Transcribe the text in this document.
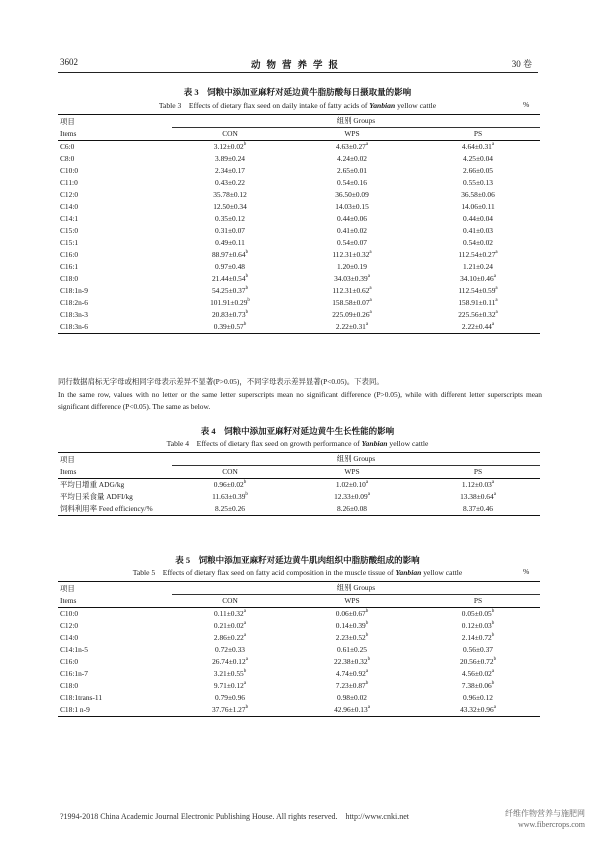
3602	动物营养学报	30 卷
表 3　饲粮中添加亚麻籽对延边黄牛脂肪酸每日摄取量的影响
Table 3　Effects of dietary flax seed on daily intake of fatty acids of Yanbian yellow cattle	%
项目	组别 Groups		
Items	CON	WPS	PS
C6:0	3.12±0.02$^b$	4.63±0.27$^a$	4.64±0.31$^a$
C8:0	3.89±0.24	4.24±0.02	4.25±0.04
C10:0	2.34±0.17	2.65±0.01	2.66±0.05
C11:0	0.43±0.22	0.54±0.16	0.55±0.13
C12:0	35.78±0.12	36.50±0.09	36.58±0.06
C14:0	12.50±0.34	14.03±0.15	14.06±0.11
C14:1	0.35±0.12	0.44±0.06	0.44±0.04
C15:0	0.31±0.07	0.41±0.02	0.41±0.03
C15:1	0.49±0.11	0.54±0.07	0.54±0.02
C16:0	88.97±0.64$^b$	112.31±0.32$^a$	112.54±0.27$^a$
C16:1	0.97±0.48	1.20±0.19	1.21±0.24
C18:0	21.44±0.54$^b$	34.03±0.39$^a$	34.10±0.46$^a$
C18:1n-9	54.25±0.37$^b$	112.31±0.62$^a$	112.54±0.59$^a$
C18:2n-6	101.91±0.29$^b$	158.58±0.07$^a$	158.91±0.11$^a$
C18:3n-3	20.83±0.73$^b$	225.09±0.26$^a$	225.56±0.32$^a$
C18:3n-6	0.39±0.57$^b$	2.22±0.31$^a$	2.22±0.44$^a$
同行数据肩标无字母或相同字母表示差异不显著(P>0.05)，不同字母表示差异显著(P<0.05)。下表同。
In the same row, values with no letter or the same letter superscripts mean no significant difference (P>0.05), while with different letter superscripts mean significant difference (P<0.05). The same as below.
表 4　饲粮中添加亚麻籽对延边黄牛生长性能的影响
Table 4　Effects of dietary flax seed on growth performance of Yanbian yellow cattle
项目	组别 Groups		
Items	CON	WPS	PS
平均日增重 ADG/kg	0.96±0.02$^b$	1.02±0.10$^a$	1.12±0.03$^a$
平均日采食量 ADFI/kg	11.63±0.39$^b$	12.33±0.09$^a$	13.38±0.64$^a$
饲料利用率 Feed efficiency/%	8.25±0.26	8.26±0.08	8.37±0.46
表 5　饲粮中添加亚麻籽对延边黄牛肌肉组织中脂肪酸组成的影响
Table 5　Effects of dietary flax seed on fatty acid composition in the muscle tissue of Yanbian yellow cattle	%
项目	组别 Groups		
Items	CON	WPS	PS
C10:0	0.11±0.32$^a$	0.06±0.67$^b$	0.05±0.05$^b$
C12:0	0.21±0.02$^a$	0.14±0.39$^b$	0.12±0.03$^b$
C14:0	2.86±0.22$^a$	2.23±0.52$^b$	2.14±0.72$^b$
C14:1n-5	0.72±0.33	0.61±0.25	0.56±0.37
C16:0	26.74±0.12$^a$	22.38±0.32$^b$	20.56±0.72$^b$
C16:1n-7	3.21±0.55$^b$	4.74±0.92$^a$	4.56±0.02$^a$
C18:0	9.71±0.12$^a$	7.23±0.87$^b$	7.38±0.06$^b$
C18:1trans-11	0.79±0.96	0.98±0.02	0.96±0.12
C18:1 n-9	37.76±1.27$^b$	42.96±0.13$^a$	43.32±0.96$^a$
?1994-2018 China Academic Journal Electronic Publishing House. All rights reserved.　http://www.cnki.net	纤维作物营养与施肥网
www.fibercrops.com
